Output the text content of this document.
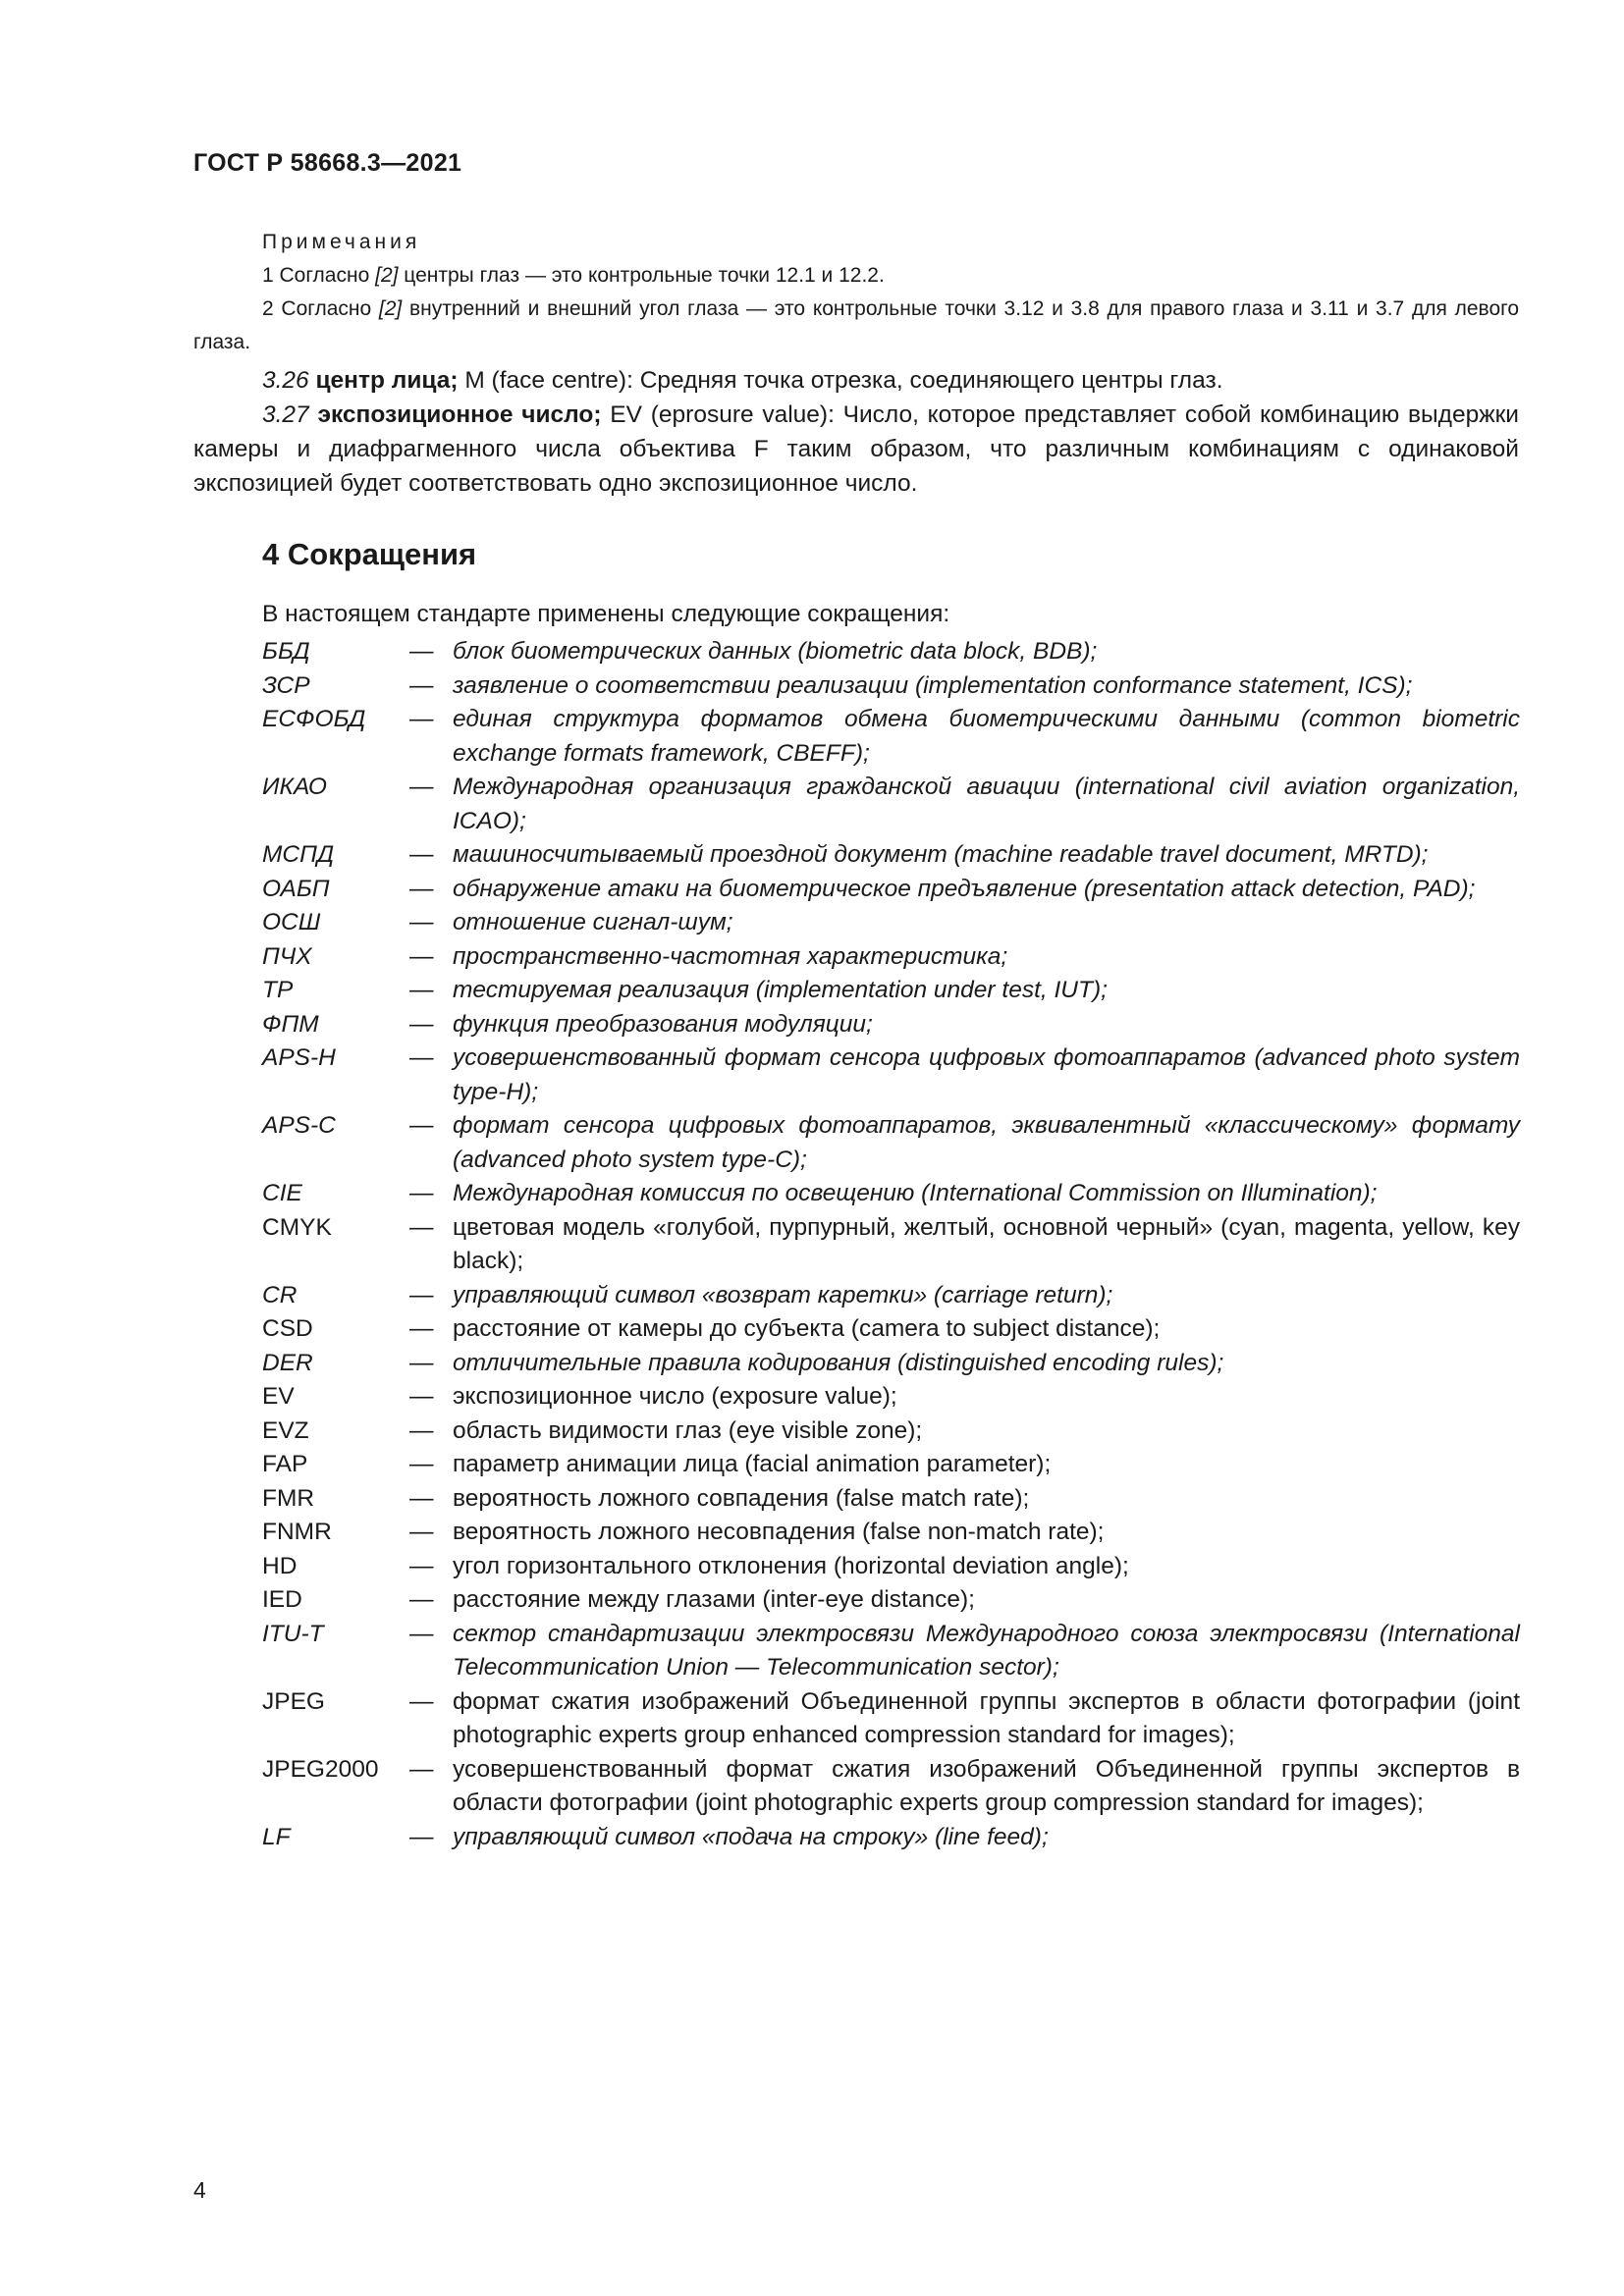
ГОСТ Р 58668.3—2021
Примечания
1 Согласно [2] центры глаз — это контрольные точки 12.1 и 12.2.
2 Согласно [2] внутренний и внешний угол глаза — это контрольные точки 3.12 и 3.8 для правого глаза и 3.11 и 3.7 для левого глаза.
3.26 центр лица; M (face centre): Средняя точка отрезка, соединяющего центры глаз.
3.27 экспозиционное число; EV (eprosure value): Число, которое представляет собой комбинацию выдержки камеры и диафрагменного числа объектива F таким образом, что различным комбинациям с одинаковой экспозицией будет соответствовать одно экспозиционное число.
4 Сокращения
В настоящем стандарте применены следующие сокращения:
ББД	— блок биометрических данных (biometric data block, BDB);
ЗСР	— заявление о соответствии реализации (implementation conformance statement, ICS);
ЕСФОБД	— единая структура форматов обмена биометрическими данными (common biometric exchange formats framework, CBEFF);
ИКАО	— Международная организация гражданской авиации (international civil aviation organization, ICAO);
МСПД	— машиносчитываемый проездной документ (machine readable travel document, MRTD);
ОАБП	— обнаружение атаки на биометрическое предъявление (presentation attack detection, PAD);
ОСШ	— отношение сигнал-шум;
ПЧХ	— пространственно-частотная характеристика;
ТР	— тестируемая реализация (implementation under test, IUT);
ФПМ	— функция преобразования модуляции;
APS-H	— усовершенствованный формат сенсора цифровых фотоаппаратов (advanced photo system type-H);
APS-C	— формат сенсора цифровых фотоаппаратов, эквивалентный «классическому» формату (advanced photo system type-C);
CIE	— Международная комиссия по освещению (International Commission on Illumination);
CMYK	— цветовая модель «голубой, пурпурный, желтый, основной черный» (cyan, magenta, yellow, key black);
CR	— управляющий символ «возврат каретки» (carriage return);
CSD	— расстояние от камеры до субъекта (camera to subject distance);
DER	— отличительные правила кодирования (distinguished encoding rules);
EV	— экспозиционное число (exposure value);
EVZ	— область видимости глаз (eye visible zone);
FAP	— параметр анимации лица (facial animation parameter);
FMR	— вероятность ложного совпадения (false match rate);
FNMR	— вероятность ложного несовпадения (false non-match rate);
HD	— угол горизонтального отклонения (horizontal deviation angle);
IED	— расстояние между глазами (inter-eye distance);
ITU-T	— сектор стандартизации электросвязи Международного союза электросвязи (International Telecommunication Union — Telecommunication sector);
JPEG	— формат сжатия изображений Объединенной группы экспертов в области фотографии (joint photographic experts group enhanced compression standard for images);
JPEG2000	— усовершенствованный формат сжатия изображений Объединенной группы экспертов в области фотографии (joint photographic experts group compression standard for images);
LF	— управляющий символ «подача на строку» (line feed);
4
